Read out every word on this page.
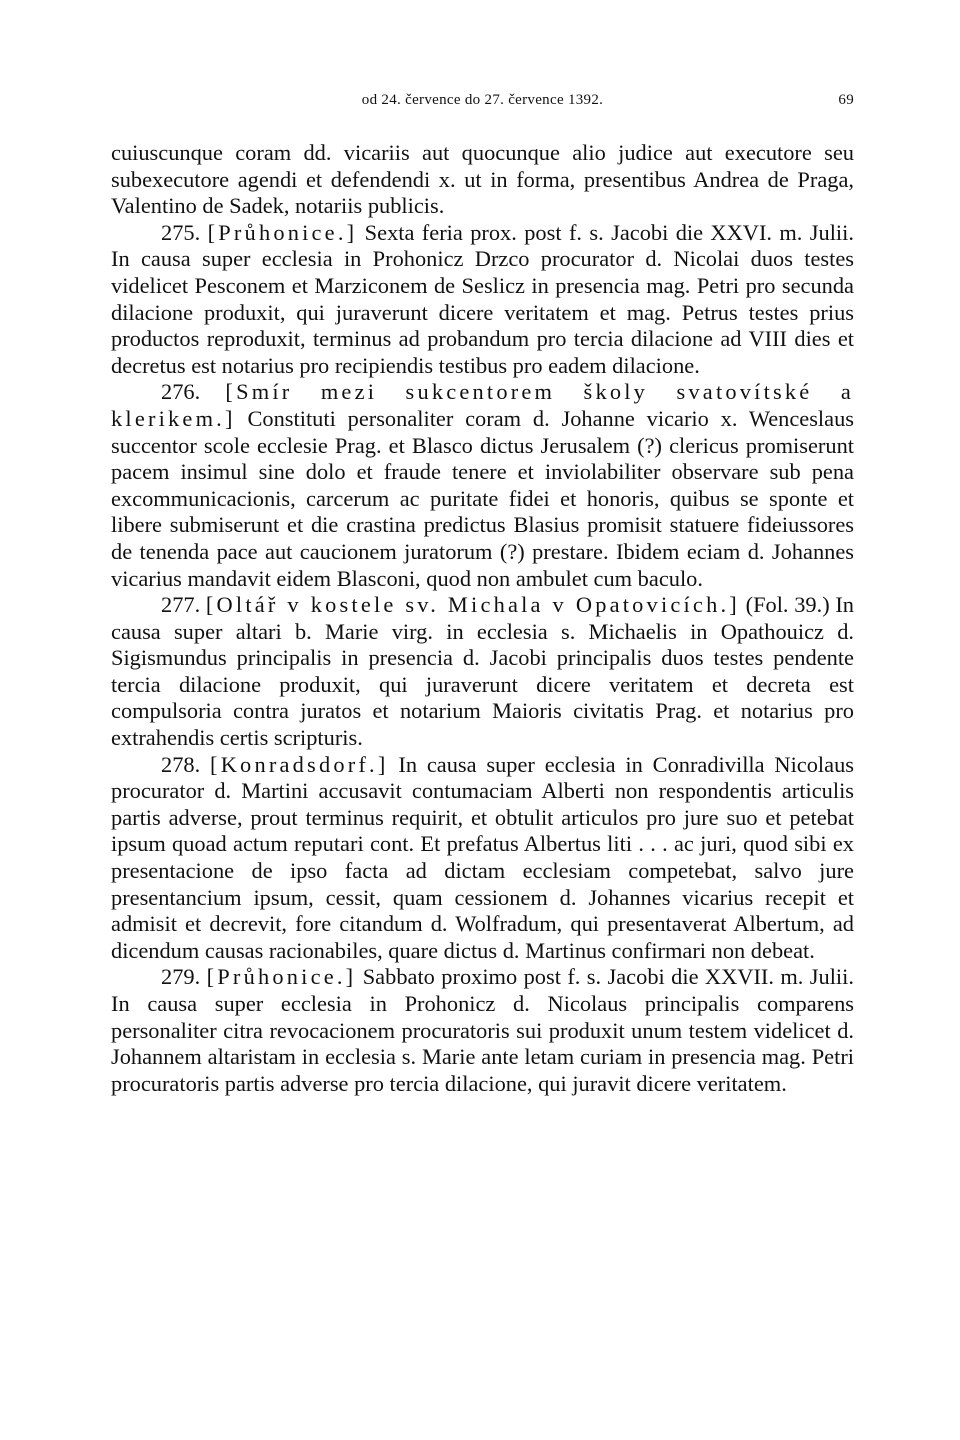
od 24. července do 27. července 1392.	69

cuiuscunque coram dd. vicariis aut quocunque alio judice aut executore seu subexecutore agendi et defendendi x. ut in forma, presentibus Andrea de Praga, Valentino de Sadek, notariis publicis.

275. [Průhonice.] Sexta feria prox. post f. s. Jacobi die XXVI. m. Julii. In causa super ecclesia in Prohonicz Drzco procurator d. Nicolai duos testes videlicet Pesconem et Marziconem de Seslicz in presencia mag. Petri pro secunda dilacione produxit, qui juraverunt dicere veritatem et mag. Petrus testes prius productos reproduxit, terminus ad probandum pro tercia dilacione ad VIII dies et decretus est notarius pro recipiendis testibus pro eadem dilacione.

276. [Smír mezi sukcentorem školy svatovítské a klerikem.] Constituti personaliter coram d. Johanne vicario x. Wenceslaus succentor scole ecclesie Prag. et Blasco dictus Jerusalem (?) clericus promiserunt pacem insimul sine dolo et fraude tenere et inviolabiliter observare sub pena excommunicacionis, carcerum ac puritate fidei et honoris, quibus se sponte et libere submiserunt et die crastina predictus Blasius promisit statuere fideiussores de tenenda pace aut caucionem juratorum (?) prestare. Ibidem eciam d. Johannes vicarius mandavit eidem Blasconi, quod non ambulet cum baculo.

277. [Oltář v kostele sv. Michala v Opatovicích.] (Fol. 39.) In causa super altari b. Marie virg. in ecclesia s. Michaelis in Opathouicz d. Sigismundus principalis in presencia d. Jacobi principalis duos testes pendente tercia dilacione produxit, qui juraverunt dicere veritatem et decreta est compulsoria contra juratos et notarium Maioris civitatis Prag. et notarius pro extrahendis certis scripturis.

278. [Konradsdorf.] In causa super ecclesia in Conradivilla Nicolaus procurator d. Martini accusavit contumaciam Alberti non respondentis articulis partis adverse, prout terminus requirit, et obtulit articulos pro jure suo et petebat ipsum quoad actum reputari cont. Et prefatus Albertus liti . . . ac juri, quod sibi ex presentacione de ipso facta ad dictam ecclesiam competebat, salvo jure presentancium ipsum, cessit, quam cessionem d. Johannes vicarius recepit et admisit et decrevit, fore citandum d. Wolfradum, qui presentaverat Albertum, ad dicendum causas racionabiles, quare dictus d. Martinus confirmari non debeat.

279. [Průhonice.] Sabbato proximo post f. s. Jacobi die XXVII. m. Julii. In causa super ecclesia in Prohonicz d. Nicolaus principalis comparens personaliter citra revocacionem procuratoris sui produxit unum testem videlicet d. Johannem altaristam in ecclesia s. Marie ante letam curiam in presencia mag. Petri procuratoris partis adverse pro tercia dilacione, qui juravit dicere veritatem.
